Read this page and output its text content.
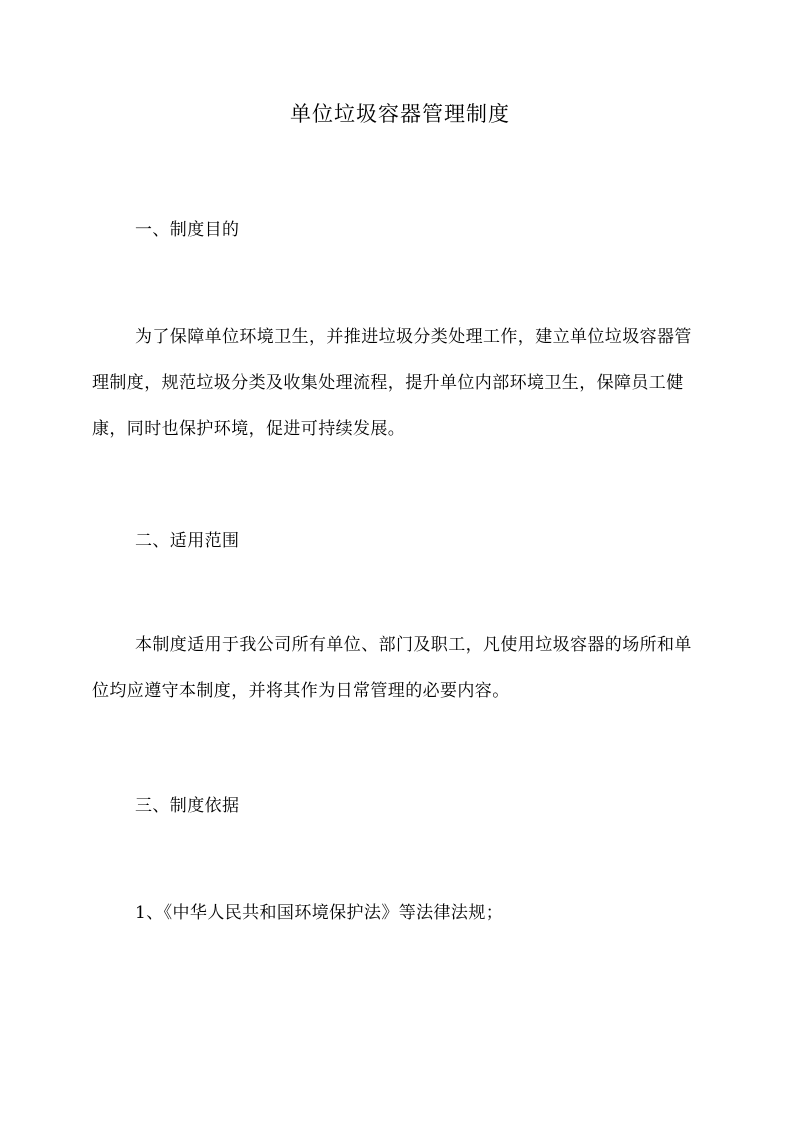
单位垃圾容器管理制度

一、制度目的

为了保障单位环境卫生，并推进垃圾分类处理工作，建立单位垃圾容器管理制度，规范垃圾分类及收集处理流程，提升单位内部环境卫生，保障员工健康，同时也保护环境，促进可持续发展。

二、适用范围

本制度适用于我公司所有单位、部门及职工，凡使用垃圾容器的场所和单位均应遵守本制度，并将其作为日常管理的必要内容。

三、制度依据

1、《中华人民共和国环境保护法》等法律法规；
